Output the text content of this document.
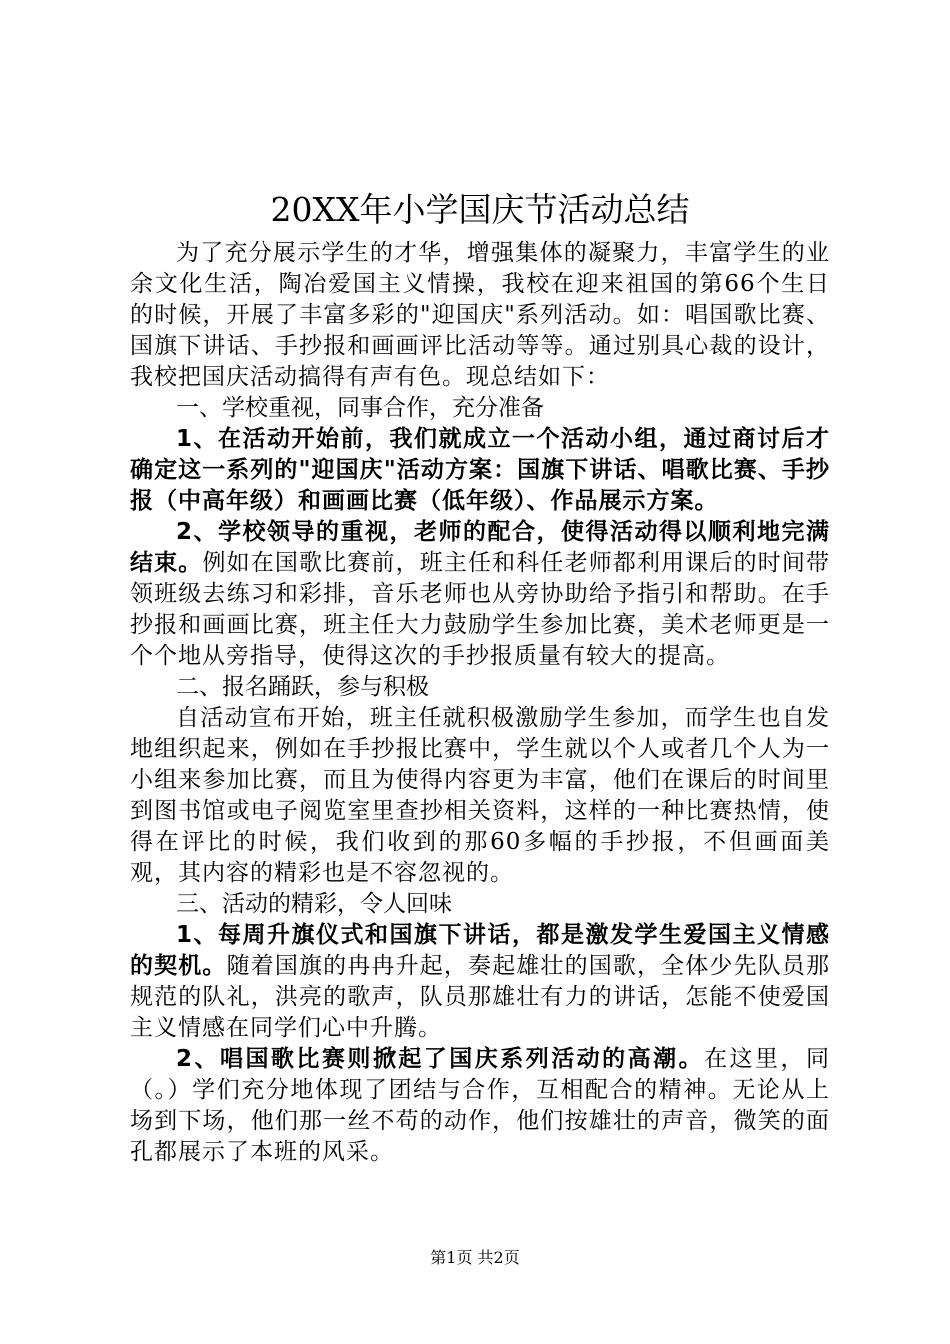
20XX年小学国庆节活动总结

为了充分展示学生的才华，增强集体的凝聚力，丰富学生的业余文化生活，陶冶爱国主义情操，我校在迎来祖国的第66个生日的时候，开展了丰富多彩的"迎国庆"系列活动。如：唱国歌比赛、国旗下讲话、手抄报和画画评比活动等等。通过别具心裁的设计，我校把国庆活动搞得有声有色。现总结如下：

一、学校重视，同事合作，充分准备

1、在活动开始前，我们就成立一个活动小组，通过商讨后才确定这一系列的"迎国庆"活动方案：国旗下讲话、唱歌比赛、手抄报（中高年级）和画画比赛（低年级）、作品展示方案。

2、学校领导的重视，老师的配合，使得活动得以顺利地完满结束。例如在国歌比赛前，班主任和科任老师都利用课后的时间带领班级去练习和彩排，音乐老师也从旁协助给予指引和帮助。在手抄报和画画比赛，班主任大力鼓励学生参加比赛，美术老师更是一个个地从旁指导，使得这次的手抄报质量有较大的提高。

二、报名踊跃，参与积极

自活动宣布开始，班主任就积极激励学生参加，而学生也自发地组织起来，例如在手抄报比赛中，学生就以个人或者几个人为一小组来参加比赛，而且为使得内容更为丰富，他们在课后的时间里到图书馆或电子阅览室里查抄相关资料，这样的一种比赛热情，使得在评比的时候，我们收到的那60多幅的手抄报，不但画面美观，其内容的精彩也是不容忽视的。

三、活动的精彩，令人回味

1、每周升旗仪式和国旗下讲话，都是激发学生爱国主义情感的契机。随着国旗的冉冉升起，奏起雄壮的国歌，全体少先队员那规范的队礼，洪亮的歌声，队员那雄壮有力的讲话，怎能不使爱国主义情感在同学们心中升腾。

2、唱国歌比赛则掀起了国庆系列活动的高潮。在这里，同（。）学们充分地体现了团结与合作，互相配合的精神。无论从上场到下场，他们那一丝不苟的动作，他们按雄壮的声音，微笑的面孔都展示了本班的风采。

第1页 共2页
